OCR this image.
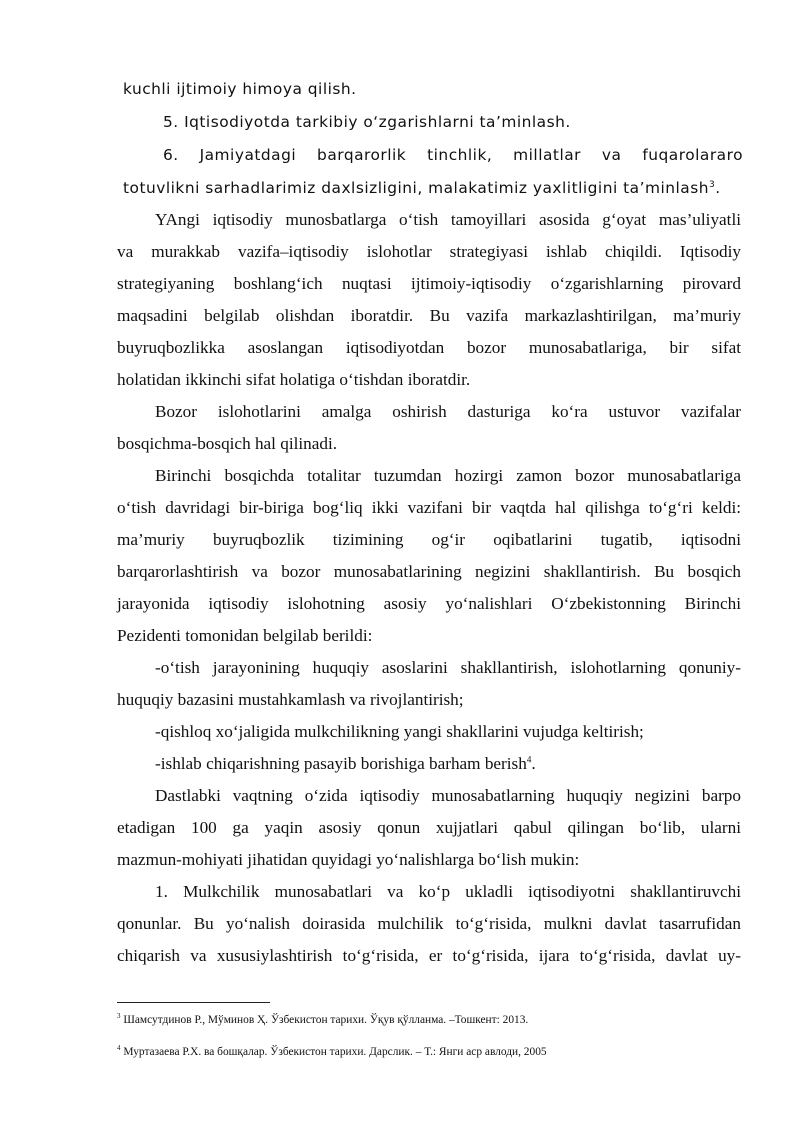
kuchli ijtimoiy himoya qilish.
5. Iqtisodiyotda tarkibiy o‘zgarishlarni ta’minlash.
6. Jamiyatdagi barqarorlik tinchlik, millatlar va fuqarolararo
totuvlikni sarhadlarimiz daxlsizligini, malakatimiz yaxlitligini ta’minlash$^3$.
YAngi iqtisodiy munosbatlarga o‘tish tamoyillari asosida g‘oyat mas’uliyatli
va murakkab vazifa–iqtisodiy islohotlar strategiyasi ishlab chiqildi. Iqtisodiy
strategiyaning boshlang‘ich nuqtasi ijtimoiy-iqtisodiy o‘zgarishlarning pirovard
maqsadini belgilab olishdan iboratdir. Bu vazifa markazlashtirilgan, ma’muriy
buyruqbozlikka asoslangan iqtisodiyotdan bozor munosabatlariga, bir sifat
holatidan ikkinchi sifat holatiga o‘tishdan iboratdir.
Bozor islohotlarini amalga oshirish dasturiga ko‘ra ustuvor vazifalar
bosqichma-bosqich hal qilinadi.
Birinchi bosqichda totalitar tuzumdan hozirgi zamon bozor munosabatlariga
o‘tish davridagi bir-biriga bog‘liq ikki vazifani bir vaqtda hal qilishga to‘g‘ri keldi:
ma’muriy buyruqbozlik tizimining og‘ir oqibatlarini tugatib, iqtisodni
barqarorlashtirish va bozor munosabatlarining negizini shakllantirish. Bu bosqich
jarayonida iqtisodiy islohotning asosiy yo‘nalishlari O‘zbekistonning Birinchi
Pezidenti tomonidan belgilab berildi:
-o‘tish jarayonining huquqiy asoslarini shakllantirish, islohotlarning qonuniy-
huquqiy bazasini mustahkamlash va rivojlantirish;
-qishloq xo‘jaligida mulkchilikning yangi shakllarini vujudga keltirish;
-ishlab chiqarishning pasayib borishiga barham berish$^4$.
Dastlabki vaqtning o‘zida iqtisodiy munosabatlarning huquqiy negizini barpo
etadigan 100 ga yaqin asosiy qonun xujjatlari qabul qilingan bo‘lib, ularni
mazmun-mohiyati jihatidan quyidagi yo‘nalishlarga bo‘lish mukin:
1. Mulkchilik munosabatlari va ko‘p ukladli iqtisodiyotni shakllantiruvchi
qonunlar. Bu yo‘nalish doirasida mulchilik to‘g‘risida, mulkni davlat tasarrufidan
chiqarish va xususiylashtirish to‘g‘risida, er to‘g‘risida, ijara to‘g‘risida, davlat uy-
$^3$ Шамсутдинов Р., Мўминов Ҳ. Ўзбекистон тарихи. Ўқув қўлланма. –Тошкент: 2013.
$^4$ Муртазаева Р.Х. ва бошқалар. Ўзбекистон тарихи. Дарслик. – Т.: Янги аср авлоди, 2005
